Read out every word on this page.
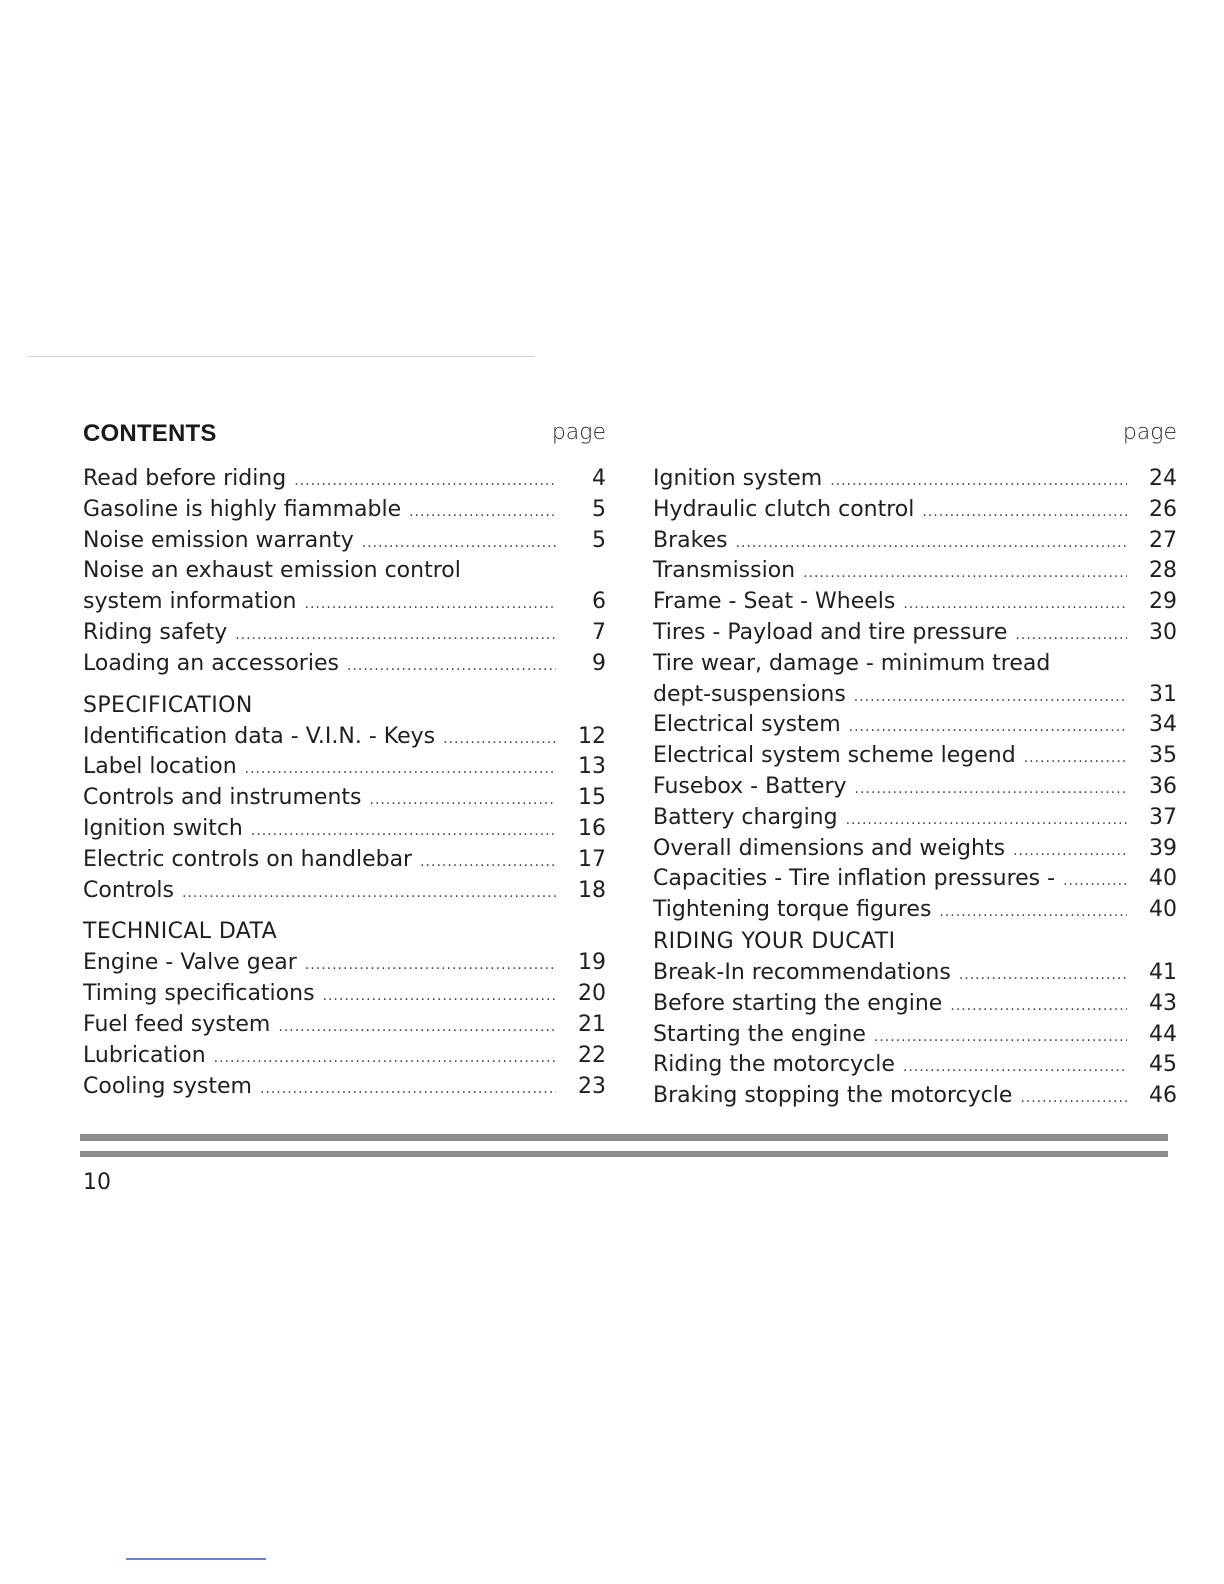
CONTENTS	page
Read before riding .....	4
Gasoline is highly fiammable .....	5
Noise emission warranty .....	5
Noise an exhaust emission control
system information .....	6
Riding safety .....	7
Loading an accessories .....	9
SPECIFICATION
Identification data - V.I.N. - Keys .....	12
Label location .....	13
Controls and instruments .....	15
Ignition switch .....	16
Electric controls on handlebar .....	17
Controls .....	18
TECHNICAL DATA
Engine - Valve gear .....	19
Timing specifications .....	20
Fuel feed system .....	21
Lubrication .....	22
Cooling system .....	23
page
Ignition system .....	24
Hydraulic clutch control .....	26
Brakes .....	27
Transmission .....	28
Frame - Seat - Wheels .....	29
Tires - Payload and tire pressure .....	30
Tire wear, damage - minimum tread
dept-suspensions .....	31
Electrical system .....	34
Electrical system scheme legend .....	35
Fusebox - Battery .....	36
Battery charging .....	37
Overall dimensions and weights .....	39
Capacities - Tire inflation pressures - .....	40
Tightening torque figures .....	40
RIDING YOUR DUCATI
Break-In recommendations .....	41
Before starting the engine .....	43
Starting the engine .....	44
Riding the motorcycle .....	45
Braking stopping the motorcycle .....	46
10
